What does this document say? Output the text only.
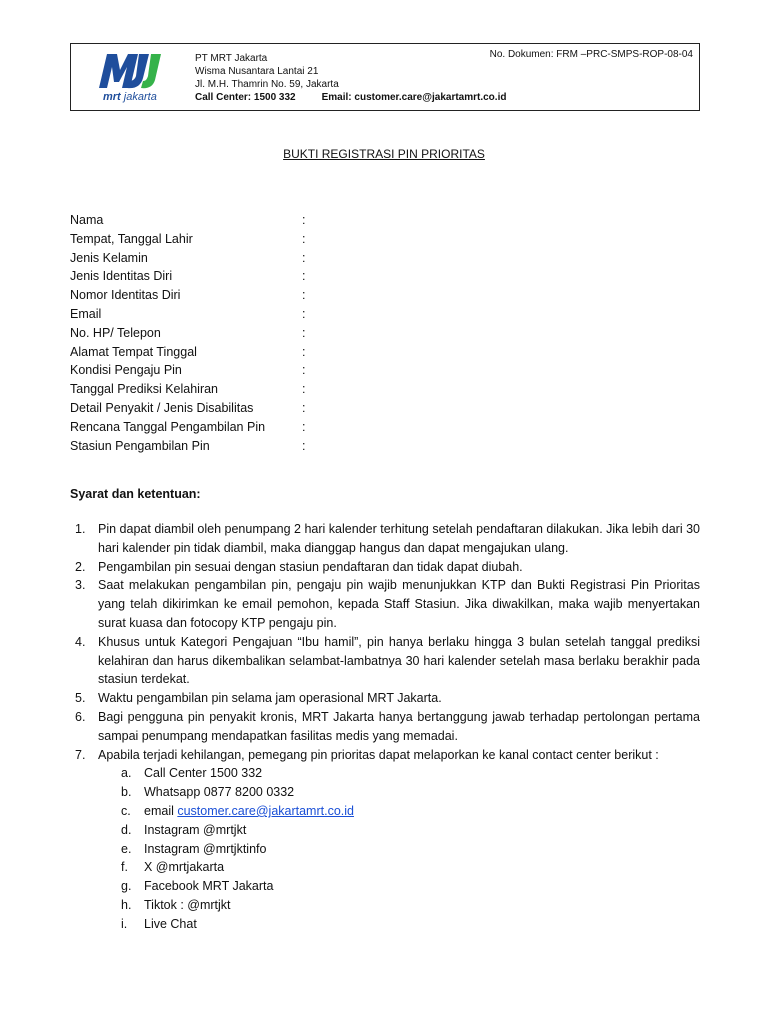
mrt jakarta
PT MRT Jakarta
Wisma Nusantara Lantai 21
Jl. M.H. Thamrin No. 59, Jakarta
Call Center: 1500 332	Email: customer.care@jakartamrt.co.id
No. Dokumen: FRM –PRC-SMPS-ROP-08-04
BUKTI REGISTRASI PIN PRIORITAS
Nama	:
Tempat, Tanggal Lahir	:
Jenis Kelamin	:
Jenis Identitas Diri	:
Nomor Identitas Diri	:
Email	:
No. HP/ Telepon	:
Alamat Tempat Tinggal	:
Kondisi Pengaju Pin	:
Tanggal Prediksi Kelahiran	:
Detail Penyakit / Jenis Disabilitas	:
Rencana Tanggal Pengambilan Pin	:
Stasiun Pengambilan Pin	:
Syarat dan ketentuan:
1. Pin dapat diambil oleh penumpang 2 hari kalender terhitung setelah pendaftaran dilakukan. Jika lebih dari 30 hari kalender pin tidak diambil, maka dianggap hangus dan dapat mengajukan ulang.
2. Pengambilan pin sesuai dengan stasiun pendaftaran dan tidak dapat diubah.
3. Saat melakukan pengambilan pin, pengaju pin wajib menunjukkan KTP dan Bukti Registrasi Pin Prioritas yang telah dikirimkan ke email pemohon, kepada Staff Stasiun. Jika diwakilkan, maka wajib menyertakan surat kuasa dan fotocopy KTP pengaju pin.
4. Khusus untuk Kategori Pengajuan “Ibu hamil”, pin hanya berlaku hingga 3 bulan setelah tanggal prediksi kelahiran dan harus dikembalikan selambat-lambatnya 30 hari kalender setelah masa berlaku berakhir pada stasiun terdekat.
5. Waktu pengambilan pin selama jam operasional MRT Jakarta.
6. Bagi pengguna pin penyakit kronis, MRT Jakarta hanya bertanggung jawab terhadap pertolongan pertama sampai penumpang mendapatkan fasilitas medis yang memadai.
7. Apabila terjadi kehilangan, pemegang pin prioritas dapat melaporkan ke kanal contact center berikut :
a. Call Center 1500 332
b. Whatsapp 0877 8200 0332
c. email customer.care@jakartamrt.co.id
d. Instagram @mrtjkt
e. Instagram @mrtjktinfo
f. X @mrtjakarta
g. Facebook MRT Jakarta
h. Tiktok : @mrtjkt
i. Live Chat
